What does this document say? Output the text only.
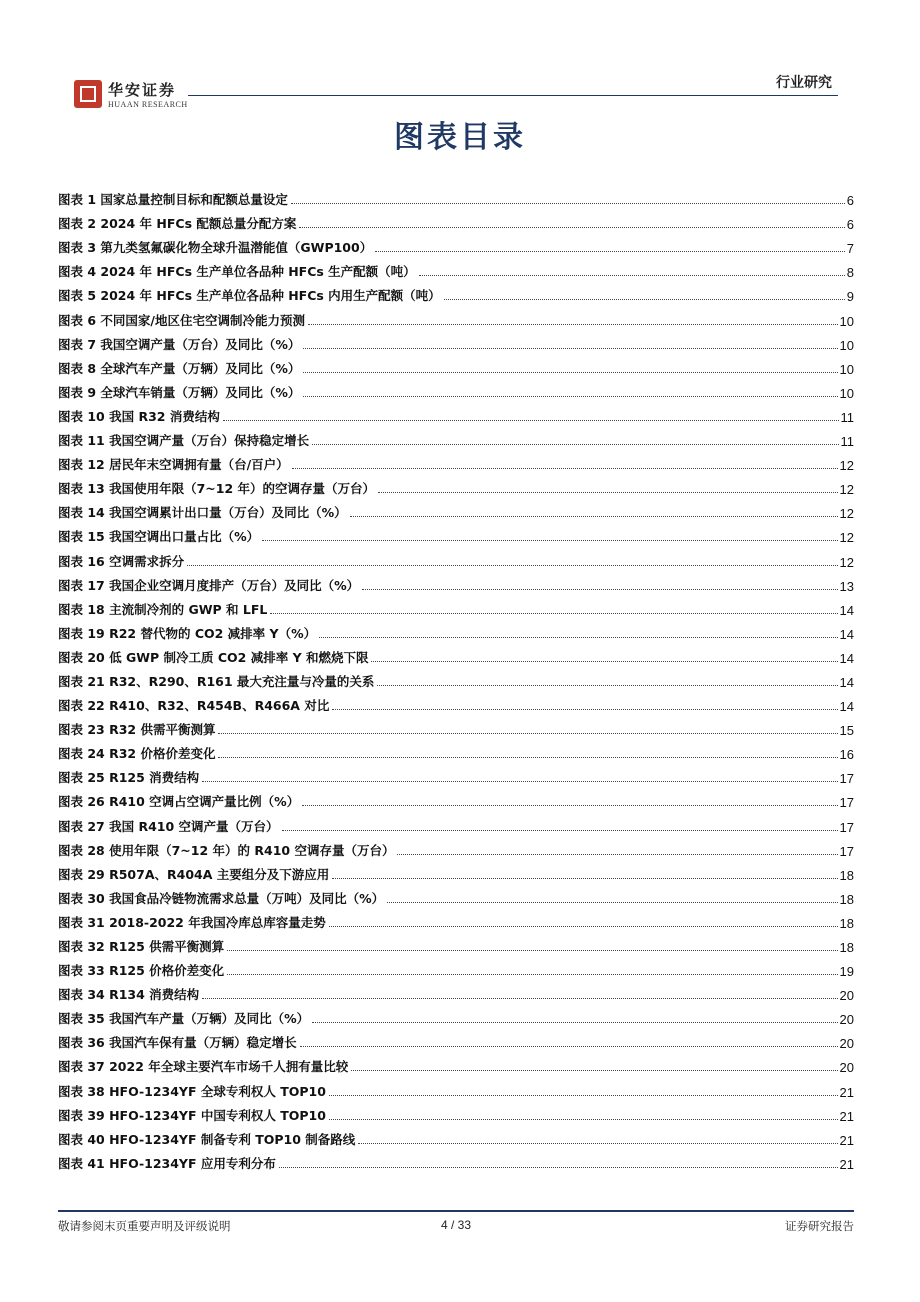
华安证券
HUAAN RESEARCH
行业研究
图表目录
图表 1 国家总量控制目标和配额总量设定	6
图表 2 2024 年 HFCs 配额总量分配方案	6
图表 3 第九类氢氟碳化物全球升温潜能值（GWP100）	7
图表 4 2024 年 HFCs 生产单位各品种 HFCs 生产配额（吨）	8
图表 5 2024 年 HFCs 生产单位各品种 HFCs 内用生产配额（吨）	9
图表 6 不同国家/地区住宅空调制冷能力预测	10
图表 7 我国空调产量（万台）及同比（%）	10
图表 8 全球汽车产量（万辆）及同比（%）	10
图表 9 全球汽车销量（万辆）及同比（%）	10
图表 10 我国 R32 消费结构	11
图表 11 我国空调产量（万台）保持稳定增长	11
图表 12 居民年末空调拥有量（台/百户）	12
图表 13 我国使用年限（7~12 年）的空调存量（万台）	12
图表 14 我国空调累计出口量（万台）及同比（%）	12
图表 15 我国空调出口量占比（%）	12
图表 16 空调需求拆分	12
图表 17 我国企业空调月度排产（万台）及同比（%）	13
图表 18 主流制冷剂的 GWP 和 LFL	14
图表 19 R22 替代物的 CO2 减排率 Y（%）	14
图表 20 低 GWP 制冷工质 CO2 减排率 Y 和燃烧下限	14
图表 21 R32、R290、R161 最大充注量与冷量的关系	14
图表 22 R410、R32、R454B、R466A 对比	14
图表 23 R32 供需平衡测算	15
图表 24 R32 价格价差变化	16
图表 25 R125 消费结构	17
图表 26 R410 空调占空调产量比例（%）	17
图表 27 我国 R410 空调产量（万台）	17
图表 28 使用年限（7~12 年）的 R410 空调存量（万台）	17
图表 29 R507A、R404A 主要组分及下游应用	18
图表 30 我国食品冷链物流需求总量（万吨）及同比（%）	18
图表 31 2018-2022 年我国冷库总库容量走势	18
图表 32 R125 供需平衡测算	18
图表 33 R125 价格价差变化	19
图表 34 R134 消费结构	20
图表 35 我国汽车产量（万辆）及同比（%）	20
图表 36 我国汽车保有量（万辆）稳定增长	20
图表 37 2022 年全球主要汽车市场千人拥有量比较	20
图表 38 HFO-1234YF 全球专利权人 TOP10	21
图表 39 HFO-1234YF 中国专利权人 TOP10	21
图表 40 HFO-1234YF 制备专利 TOP10 制备路线	21
图表 41 HFO-1234YF 应用专利分布	21
敬请参阅末页重要声明及评级说明	4 / 33	证券研究报告
